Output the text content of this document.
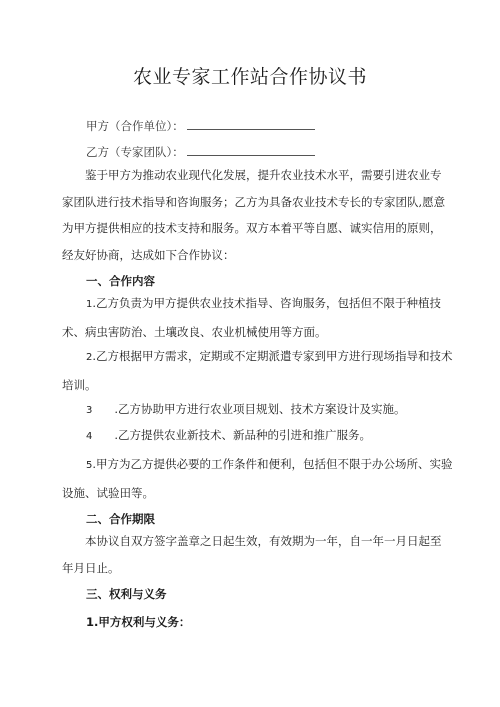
农业专家工作站合作协议书
甲方（合作单位）：
乙方（专家团队）：
鉴于甲方为推动农业现代化发展，提升农业技术水平，需要引进农业专家团队进行技术指导和咨询服务；乙方为具备农业技术专长的专家团队,愿意为甲方提供相应的技术支持和服务。双方本着平等自愿、诚实信用的原则，经友好协商，达成如下合作协议：
一、合作内容
1.乙方负责为甲方提供农业技术指导、咨询服务，包括但不限于种植技术、病虫害防治、土壤改良、农业机械使用等方面。
2.乙方根据甲方需求，定期或不定期派遣专家到甲方进行现场指导和技术培训。
3 .乙方协助甲方进行农业项目规划、技术方案设计及实施。
4 .乙方提供农业新技术、新品种的引进和推广服务。
5.甲方为乙方提供必要的工作条件和便利，包括但不限于办公场所、实验设施、试验田等。
二、合作期限
本协议自双方签字盖章之日起生效，有效期为一年，自一年一月日起至年月日止。
三、权利与义务
1.甲方权利与义务：
